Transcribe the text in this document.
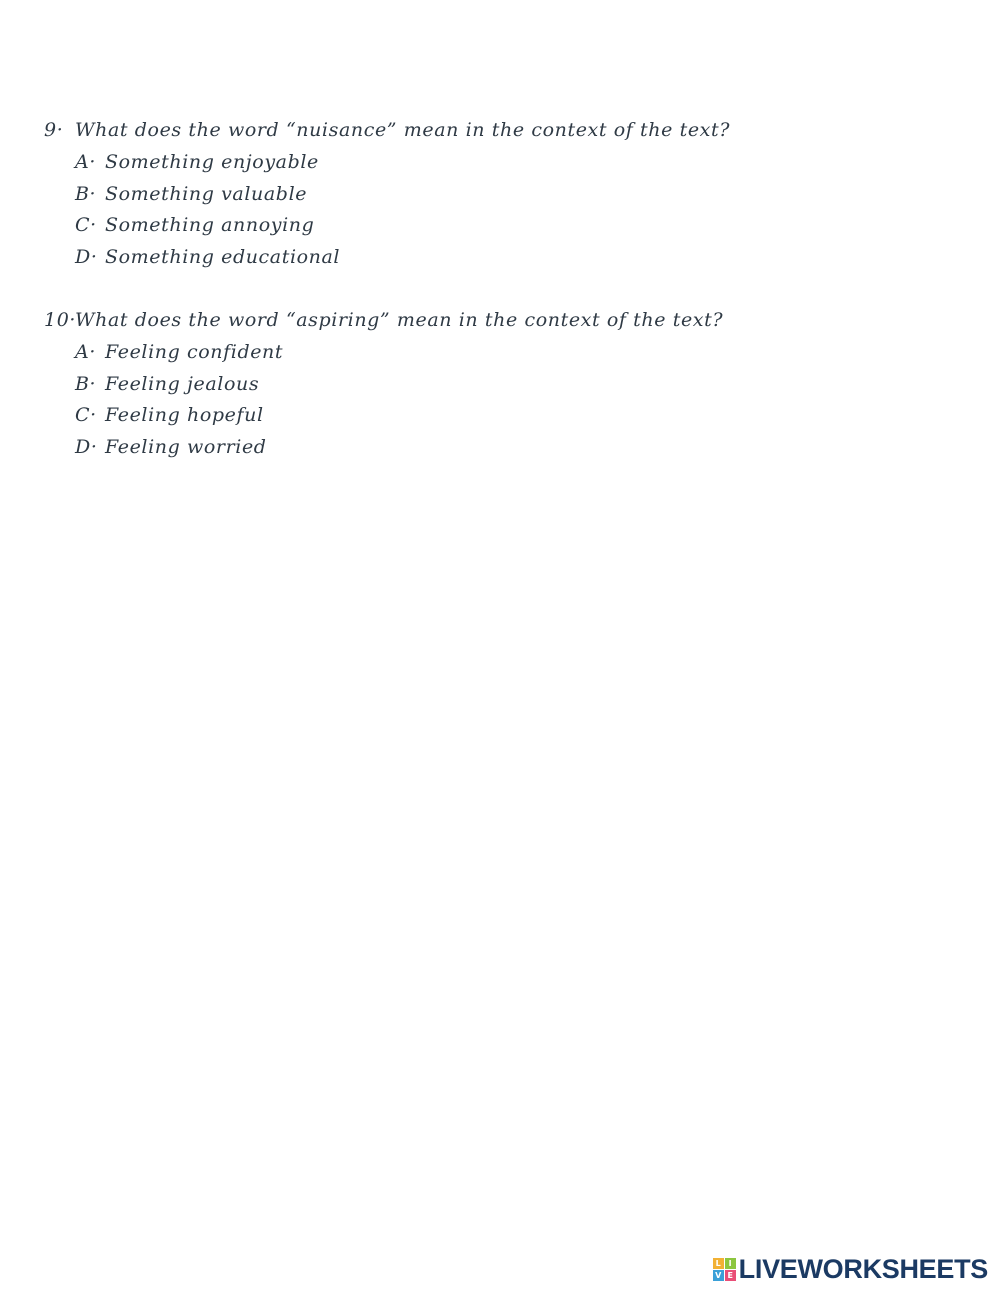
9· What does the word “nuisance” mean in the context of the text?
A· Something enjoyable
B· Something valuable
C· Something annoying
D· Something educational
10·
What does the word “aspiring” mean in the context of the text?
A· Feeling confident
B· Feeling jealous
C· Feeling hopeful
D· Feeling worried
L I
V E LIVEWORKSHEETS
